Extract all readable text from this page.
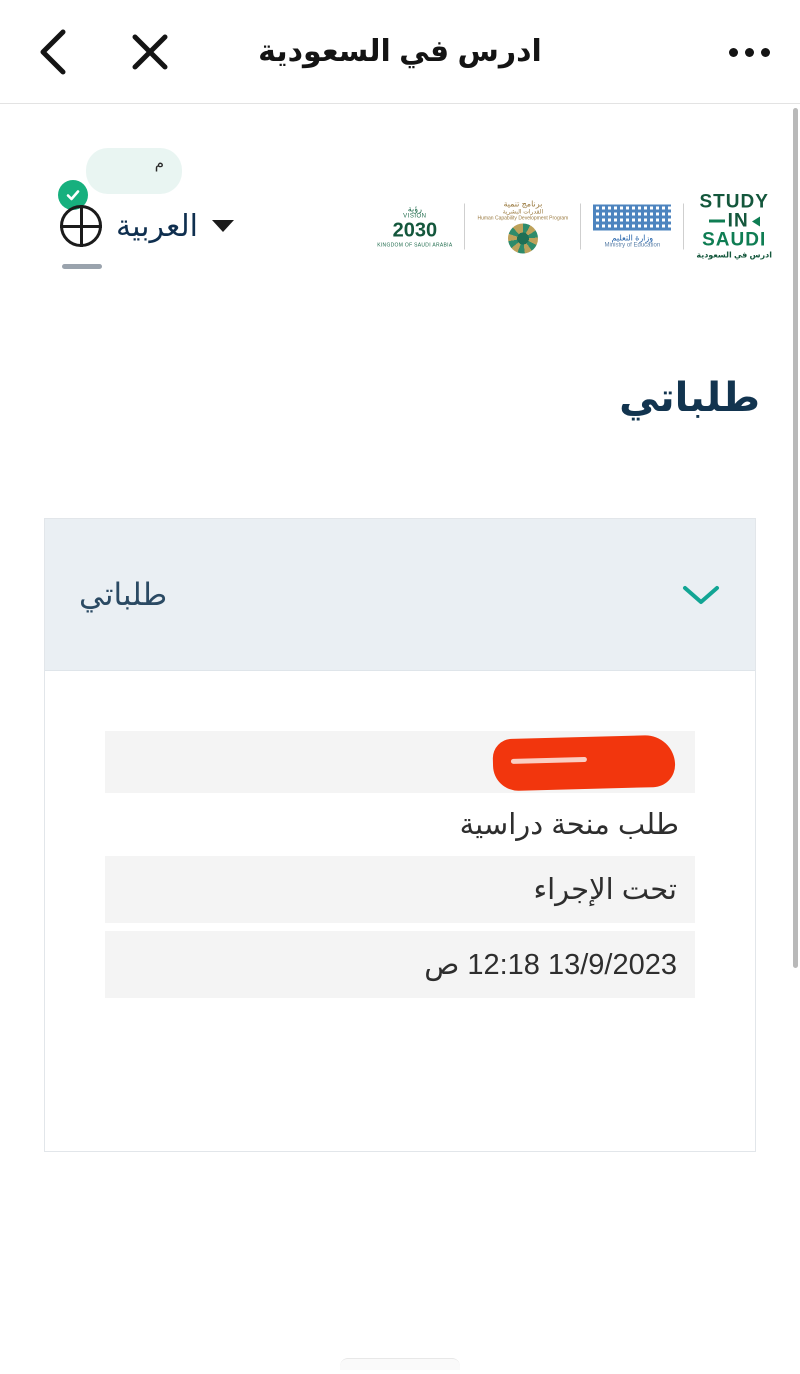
ادرس في السعودية
STUDY
IN
SAUDI
ادرس في السعودية
وزارة التعليم
Ministry of Education
برنامج تنمية
القدرات البشرية
Human Capability Development Program
رؤية
VISION
2030
KINGDOM OF SAUDI ARABIA
م
العربية
طلباتي
طلباتي
طلب منحة دراسية
تحت الإجراء
13/9/2023 12:18 ص
